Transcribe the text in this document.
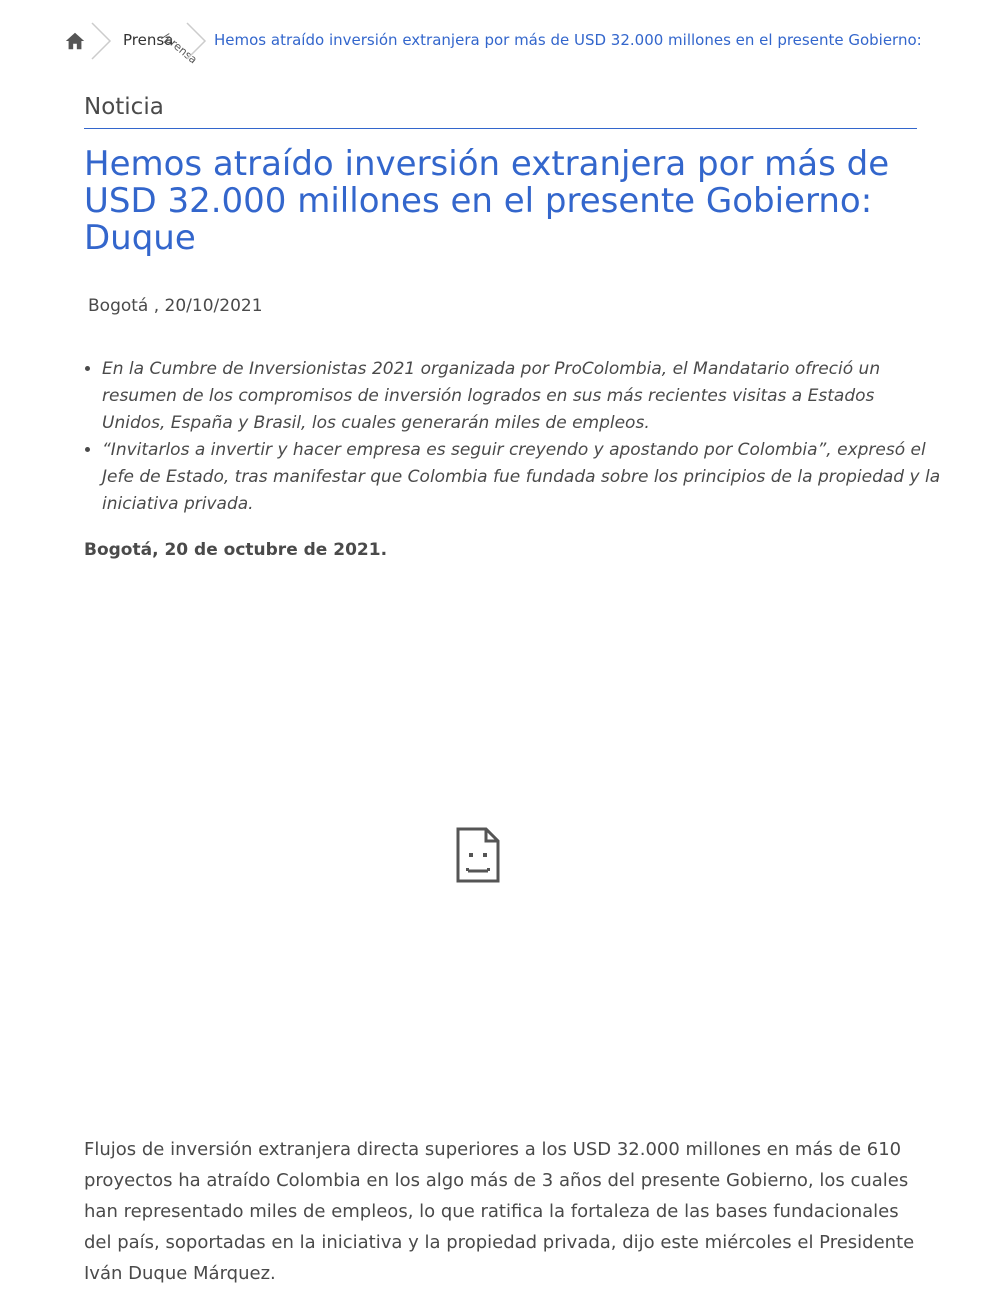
Prensa
/prensa Hemos atraído inversión extranjera por más de USD 32.000 millones en el presente Gobierno:
Noticia
Hemos atraído inversión extranjera por más de USD 32.000 millones en el presente Gobierno: Duque
Bogotá , 20/10/2021
• En la Cumbre de Inversionistas 2021 organizada por ProColombia, el Mandatario ofreció un resumen de los compromisos de inversión logrados en sus más recientes visitas a Estados Unidos, España y Brasil, los cuales generarán miles de empleos.
• “Invitarlos a invertir y hacer empresa es seguir creyendo y apostando por Colombia”, expresó el Jefe de Estado, tras manifestar que Colombia fue fundada sobre los principios de la propiedad y la iniciativa privada.
Bogotá, 20 de octubre de 2021.

Flujos de inversión extranjera directa superiores a los USD 32.000 millones en más de 610 proyectos ha atraído Colombia en los algo más de 3 años del presente Gobierno, los cuales han representado miles de empleos, lo que ratifica la fortaleza de las bases fundacionales del país, soportadas en la iniciativa y la propiedad privada, dijo este miércoles el Presidente Iván Duque Márquez.
